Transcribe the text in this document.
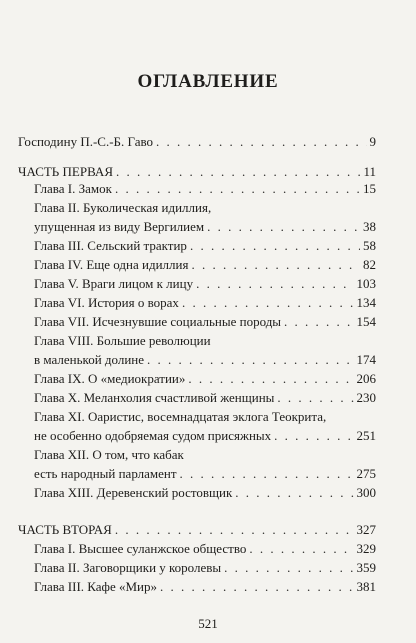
ОГЛАВЛЕНИЕ
Господину П.-С.-Б. Гаво . . .	9
ЧАСТЬ ПЕРВАЯ . . .	11
Глава I. Замок . . .	15
Глава II. Буколическая идиллия,
упущенная из виду Вергилием . . .	38
Глава III. Сельский трактир . . .	58
Глава IV. Еще одна идиллия . . .	82
Глава V. Враги лицом к лицу . . .	103
Глава VI. История о ворах . . .	134
Глава VII. Исчезнувшие социальные породы . . .	154
Глава VIII. Большие революции
в маленькой долине . . .	174
Глава IX. О «медиократии» . . .	206
Глава X. Меланхолия счастливой женщины . . .	230
Глава XI. Оаристис, восемнадцатая эклога Теокрита,
не особенно одобряемая судом присяжных . . .	251
Глава XII. О том, что кабак
есть народный парламент . . .	275
Глава XIII. Деревенский ростовщик . . .	300
ЧАСТЬ ВТОРАЯ . . .	327
Глава I. Высшее суланжское общество . . .	329
Глава II. Заговорщики у королевы . . .	359
Глава III. Кафе «Мир» . . .	381
521
